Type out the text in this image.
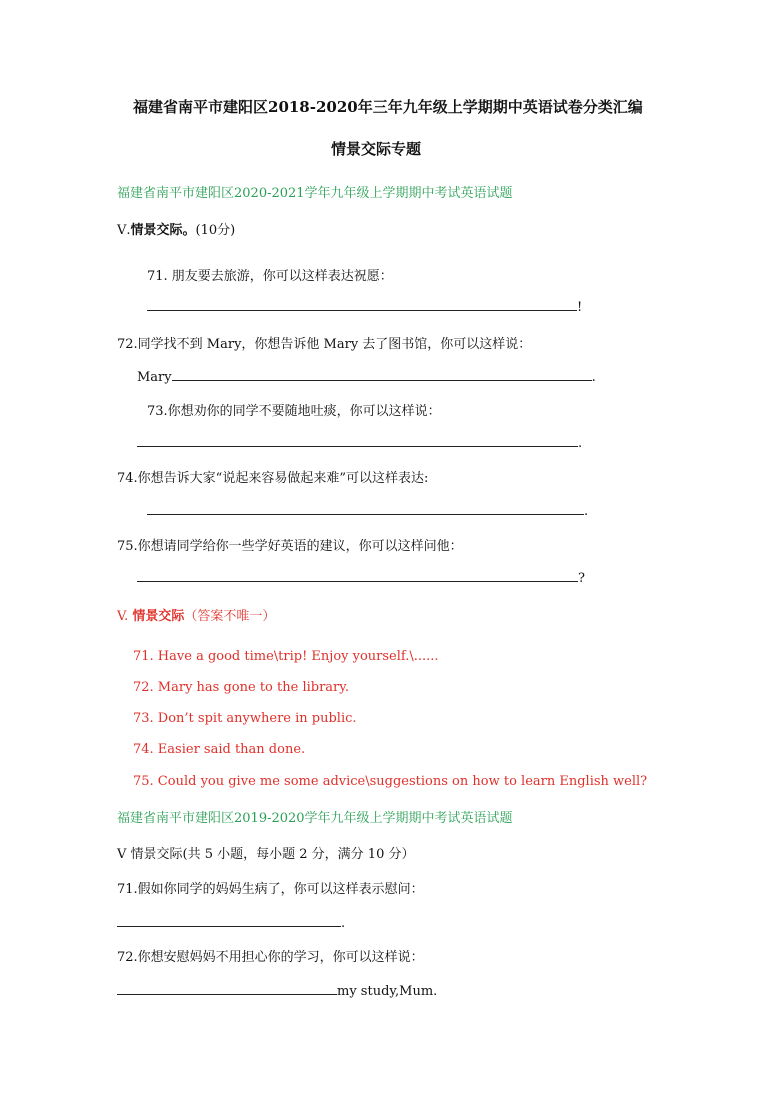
福建省南平市建阳区2018-2020年三年九年级上学期期中英语试卷分类汇编
情景交际专题
福建省南平市建阳区2020-2021学年九年级上学期期中考试英语试题
Ⅴ.情景交际。(10分)
71. 朋友要去旅游，你可以这样表达祝愿：
!
72.同学找不到 Mary，你想告诉他 Mary 去了图书馆，你可以这样说：
Mary	.
73.你想劝你的同学不要随地吐痰，你可以这样说：
.
74.你想告诉大家“说起来容易做起来难”可以这样表达:
.
75.你想请同学给你一些学好英语的建议，你可以这样问他：
?
V. 情景交际（答案不唯一）
71. Have a good time\trip! Enjoy yourself.\......
72. Mary has gone to the library.
73. Don’t spit anywhere in public.
74. Easier said than done.
75. Could you give me some advice\suggestions on how to learn English well?
福建省南平市建阳区2019-2020学年九年级上学期期中考试英语试题
V 情景交际(共 5 小题，每小题 2 分，满分 10 分）
71.假如你同学的妈妈生病了，你可以这样表示慰问：
.
72.你想安慰妈妈不用担心你的学习，你可以这样说：
my study,Mum.
